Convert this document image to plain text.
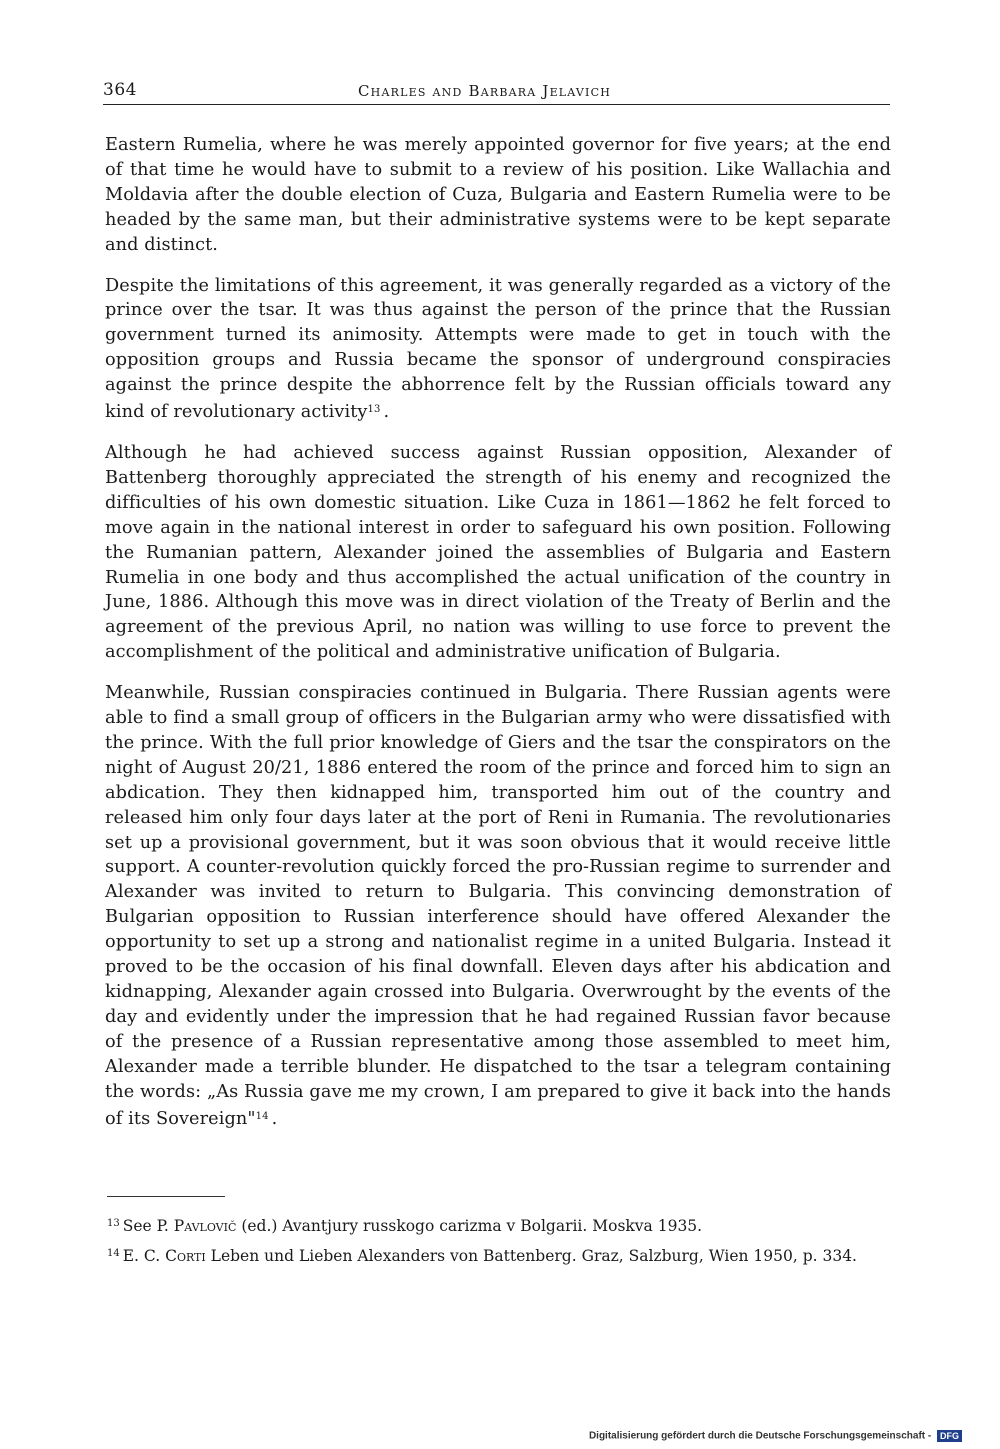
364	Charles and Barbara Jelavich

Eastern Rumelia, where he was merely appointed governor for five years; at the end of that time he would have to submit to a review of his position. Like Wallachia and Moldavia after the double election of Cuza, Bulgaria and Eastern Rumelia were to be headed by the same man, but their administrative systems were to be kept separate and distinct.

Despite the limitations of this agreement, it was generally regarded as a victory of the prince over the tsar. It was thus against the person of the prince that the Russian government turned its animosity. Attempts were made to get in touch with the opposition groups and Russia became the sponsor of underground conspiracies against the prince despite the abhorrence felt by the Russian officials toward any kind of revolutionary activity$^{13}$ .

Although he had achieved success against Russian opposition, Alexander of Battenberg thoroughly appreciated the strength of his enemy and recognized the difficulties of his own domestic situation. Like Cuza in 1861—1862 he felt forced to move again in the national interest in order to safeguard his own position. Following the Rumanian pattern, Alexander joined the assemblies of Bulgaria and Eastern Rumelia in one body and thus accomplished the actual unification of the country in June, 1886. Although this move was in direct violation of the Treaty of Berlin and the agreement of the previous April, no nation was willing to use force to prevent the accomplishment of the political and administrative unification of Bulgaria.

Meanwhile, Russian conspiracies continued in Bulgaria. There Russian agents were able to find a small group of officers in the Bulgarian army who were dissatisfied with the prince. With the full prior knowledge of Giers and the tsar the conspirators on the night of August 20/21, 1886 entered the room of the prince and forced him to sign an abdication. They then kidnapped him, transported him out of the country and released him only four days later at the port of Reni in Rumania. The revolutionaries set up a provisional government, but it was soon obvious that it would receive little support. A counter-revolution quickly forced the pro-Russian regime to surrender and Alexander was invited to return to Bulgaria. This convincing demonstration of Bulgarian opposition to Russian interference should have offered Alexander the opportunity to set up a strong and nationalist regime in a united Bulgaria. Instead it proved to be the occasion of his final downfall. Eleven days after his abdication and kidnapping, Alexander again crossed into Bulgaria. Overwrought by the events of the day and evidently under the impression that he had regained Russian favor because of the presence of a Russian representative among those assembled to meet him, Alexander made a terrible blunder. He dispatched to the tsar a telegram containing the words: „As Russia gave me my crown, I am prepared to give it back into the hands of its Sovereign"$^{14}$ .

$^{13}$ See P. Pavlovič (ed.) Avantjury russkogo carizma v Bolgarii. Moskva 1935.

$^{14}$ E. C. Corti Leben und Lieben Alexanders von Battenberg. Graz, Salzburg, Wien 1950, p. 334.

Digitalisierung gefördert durch die Deutsche Forschungsgemeinschaft - DFG
